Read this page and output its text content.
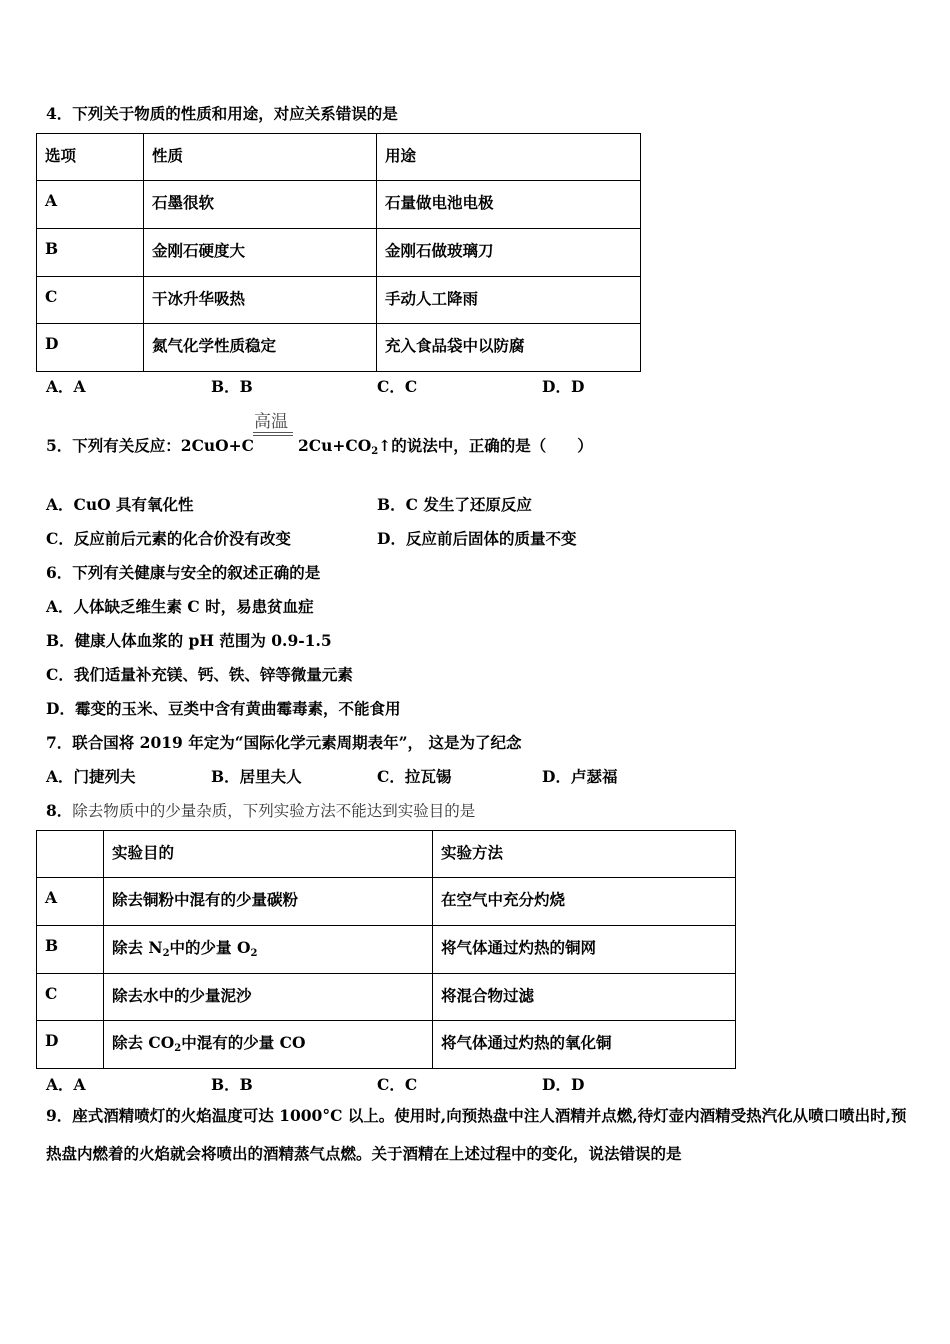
4．下列关于物质的性质和用途，对应关系错误的是
选项	性质	用途
A	石墨很软	石量做电池电极
B	金刚石硬度大	金刚石做玻璃刀
C	干冰升华吸热	手动人工降雨
D	氮气化学性质稳定	充入食品袋中以防腐
A．A	B．B	C．C	D．D
高温
5．下列有关反应：2CuO+C	$2Cu+CO_2↑$的说法中，正确的是（　　）
A．CuO 具有氧化性	B．C 发生了还原反应
C．反应前后元素的化合价没有改变	D．反应前后固体的质量不变
6．下列有关健康与安全的叙述正确的是
A．人体缺乏维生素 C 时，易患贫血症
B．健康人体血浆的 pH 范围为 0.9-1.5
C．我们适量补充镁、钙、铁、锌等微量元素
D．霉变的玉米、豆类中含有黄曲霉毒素，不能食用
7．联合国将 2019 年定为“国际化学元素周期表年”， 这是为了纪念
A．门捷列夫	B．居里夫人	C．拉瓦锡	D．卢瑟福
8．除去物质中的少量杂质，下列实验方法不能达到实验目的是
	实验目的	实验方法
A	除去铜粉中混有的少量碳粉	在空气中充分灼烧
B	除去 $N_2$中的少量 $O_2$	将气体通过灼热的铜网
C	除去水中的少量泥沙	将混合物过滤
D	除去 $CO_2$中混有的少量 CO	将气体通过灼热的氧化铜
A．A	B．B	C．C	D．D
9．座式酒精喷灯的火焰温度可达 1000°C 以上。使用时,向预热盘中注人酒精并点燃,待灯壶内酒精受热汽化从喷口喷出时,预热盘内燃着的火焰就会将喷出的酒精蒸气点燃。关于酒精在上述过程中的变化，说法错误的是
